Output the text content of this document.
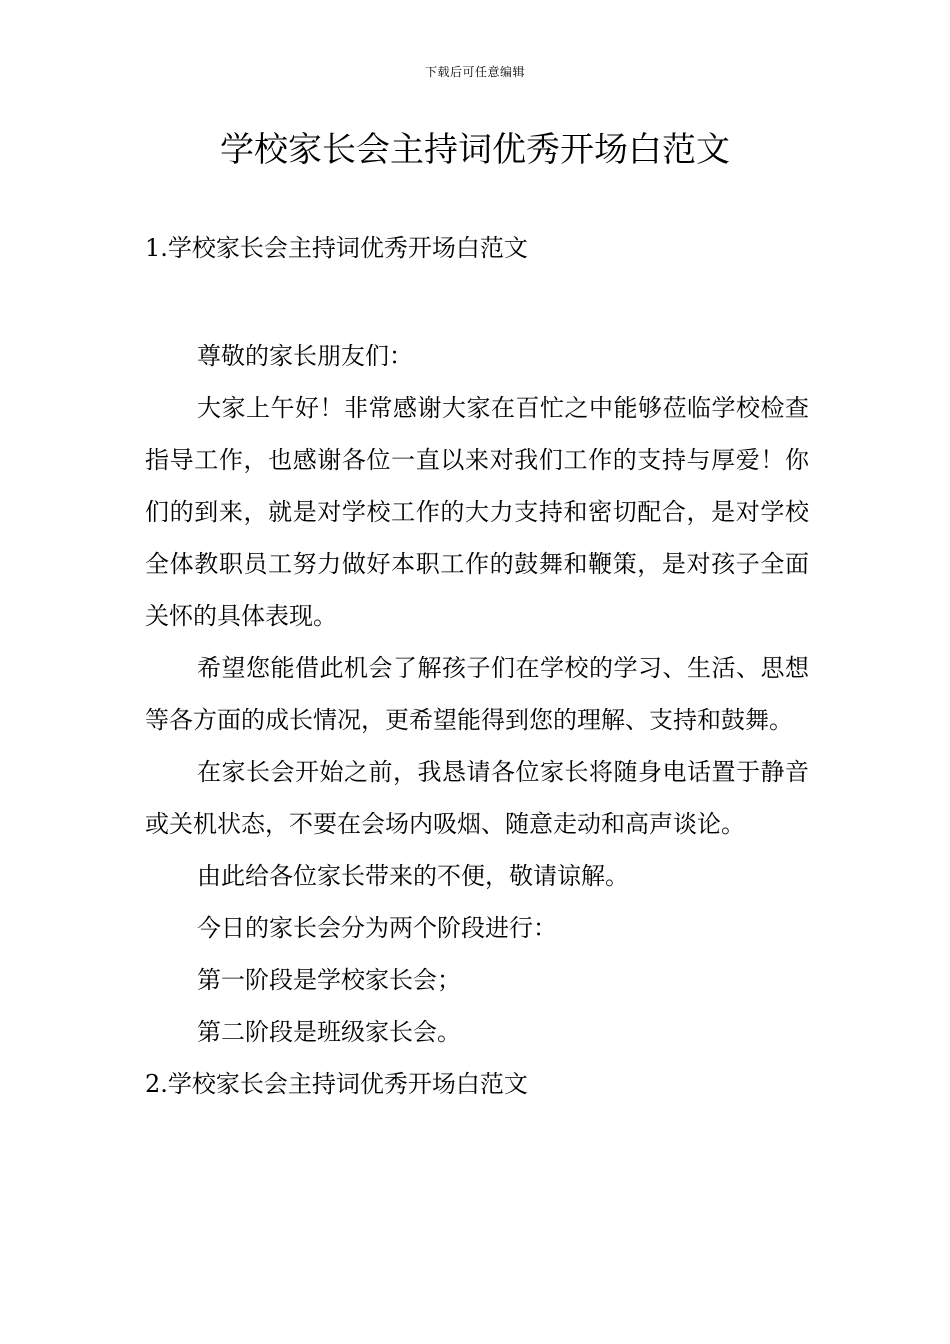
下载后可任意编辑
学校家长会主持词优秀开场白范文

1.学校家长会主持词优秀开场白范文

尊敬的家长朋友们：

大家上午好！非常感谢大家在百忙之中能够莅临学校检查指导工作，也感谢各位一直以来对我们工作的支持与厚爱！你们的到来，就是对学校工作的大力支持和密切配合，是对学校全体教职员工努力做好本职工作的鼓舞和鞭策，是对孩子全面关怀的具体表现。

希望您能借此机会了解孩子们在学校的学习、生活、思想等各方面的成长情况，更希望能得到您的理解、支持和鼓舞。

在家长会开始之前，我恳请各位家长将随身电话置于静音或关机状态，不要在会场内吸烟、随意走动和高声谈论。

由此给各位家长带来的不便，敬请谅解。

今日的家长会分为两个阶段进行：

第一阶段是学校家长会；

第二阶段是班级家长会。

2.学校家长会主持词优秀开场白范文
